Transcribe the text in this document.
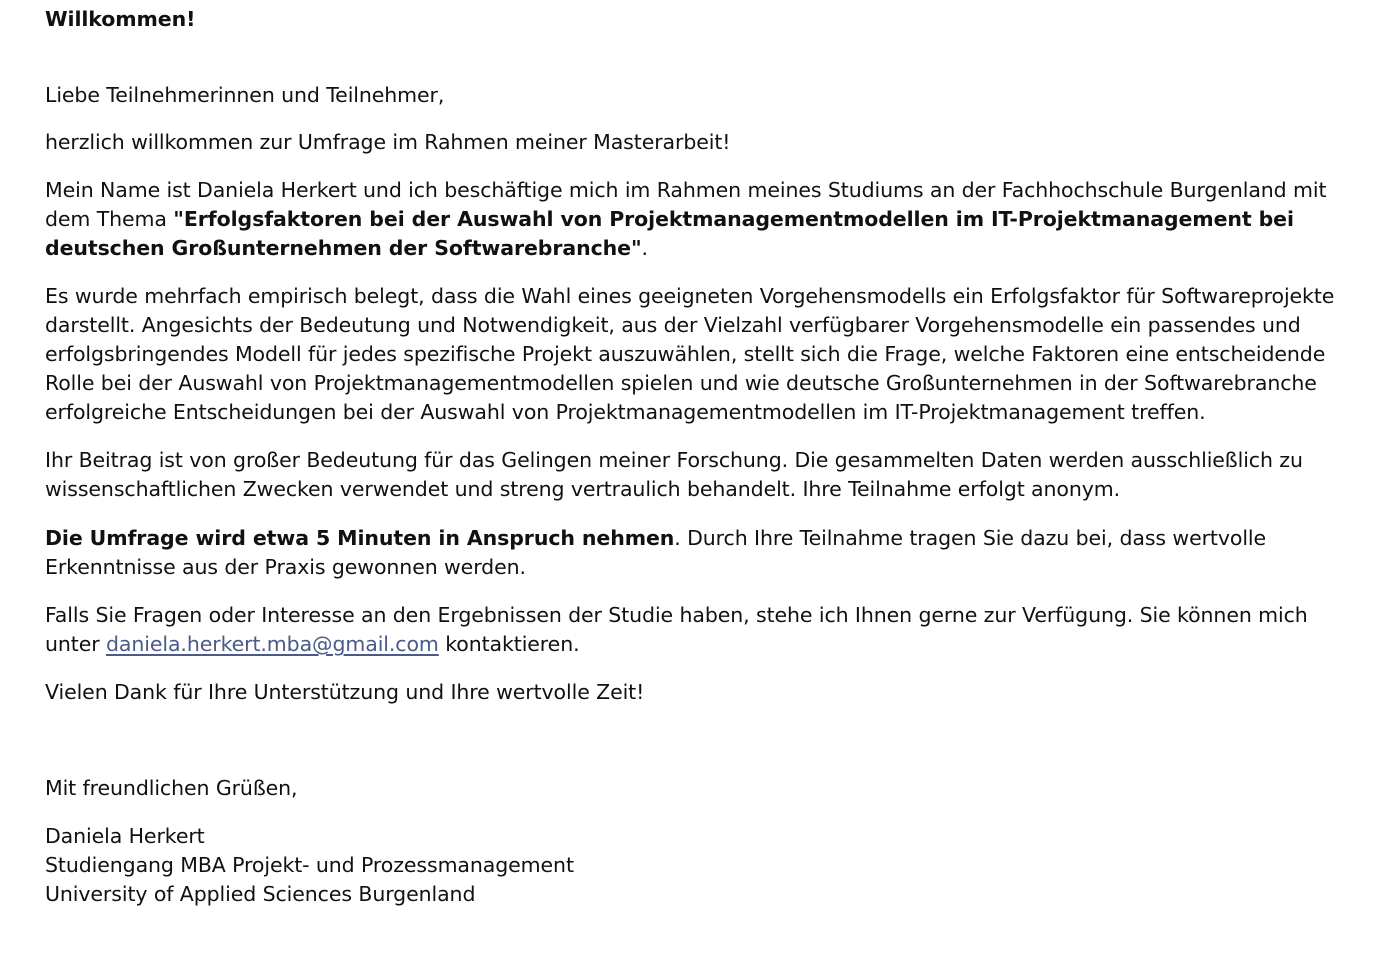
Willkommen!

Liebe Teilnehmerinnen und Teilnehmer,

herzlich willkommen zur Umfrage im Rahmen meiner Masterarbeit!

Mein Name ist Daniela Herkert und ich beschäftige mich im Rahmen meines Studiums an der Fachhochschule Burgenland mit dem Thema "Erfolgsfaktoren bei der Auswahl von Projektmanagementmodellen im IT-Projektmanagement bei deutschen Großunternehmen der Softwarebranche".

Es wurde mehrfach empirisch belegt, dass die Wahl eines geeigneten Vorgehensmodells ein Erfolgsfaktor für Softwareprojekte darstellt. Angesichts der Bedeutung und Notwendigkeit, aus der Vielzahl verfügbarer Vorgehensmodelle ein passendes und erfolgsbringendes Modell für jedes spezifische Projekt auszuwählen, stellt sich die Frage, welche Faktoren eine entscheidende Rolle bei der Auswahl von Projektmanagementmodellen spielen und wie deutsche Großunternehmen in der Softwarebranche erfolgreiche Entscheidungen bei der Auswahl von Projektmanagementmodellen im IT-Projektmanagement treffen.

Ihr Beitrag ist von großer Bedeutung für das Gelingen meiner Forschung. Die gesammelten Daten werden ausschließlich zu wissenschaftlichen Zwecken verwendet und streng vertraulich behandelt. Ihre Teilnahme erfolgt anonym.

Die Umfrage wird etwa 5 Minuten in Anspruch nehmen. Durch Ihre Teilnahme tragen Sie dazu bei, dass wertvolle Erkenntnisse aus der Praxis gewonnen werden.

Falls Sie Fragen oder Interesse an den Ergebnissen der Studie haben, stehe ich Ihnen gerne zur Verfügung. Sie können mich unter daniela.herkert.mba@gmail.com kontaktieren.

Vielen Dank für Ihre Unterstützung und Ihre wertvolle Zeit!

Mit freundlichen Grüßen,

Daniela Herkert
Studiengang MBA Projekt- und Prozessmanagement
University of Applied Sciences Burgenland
